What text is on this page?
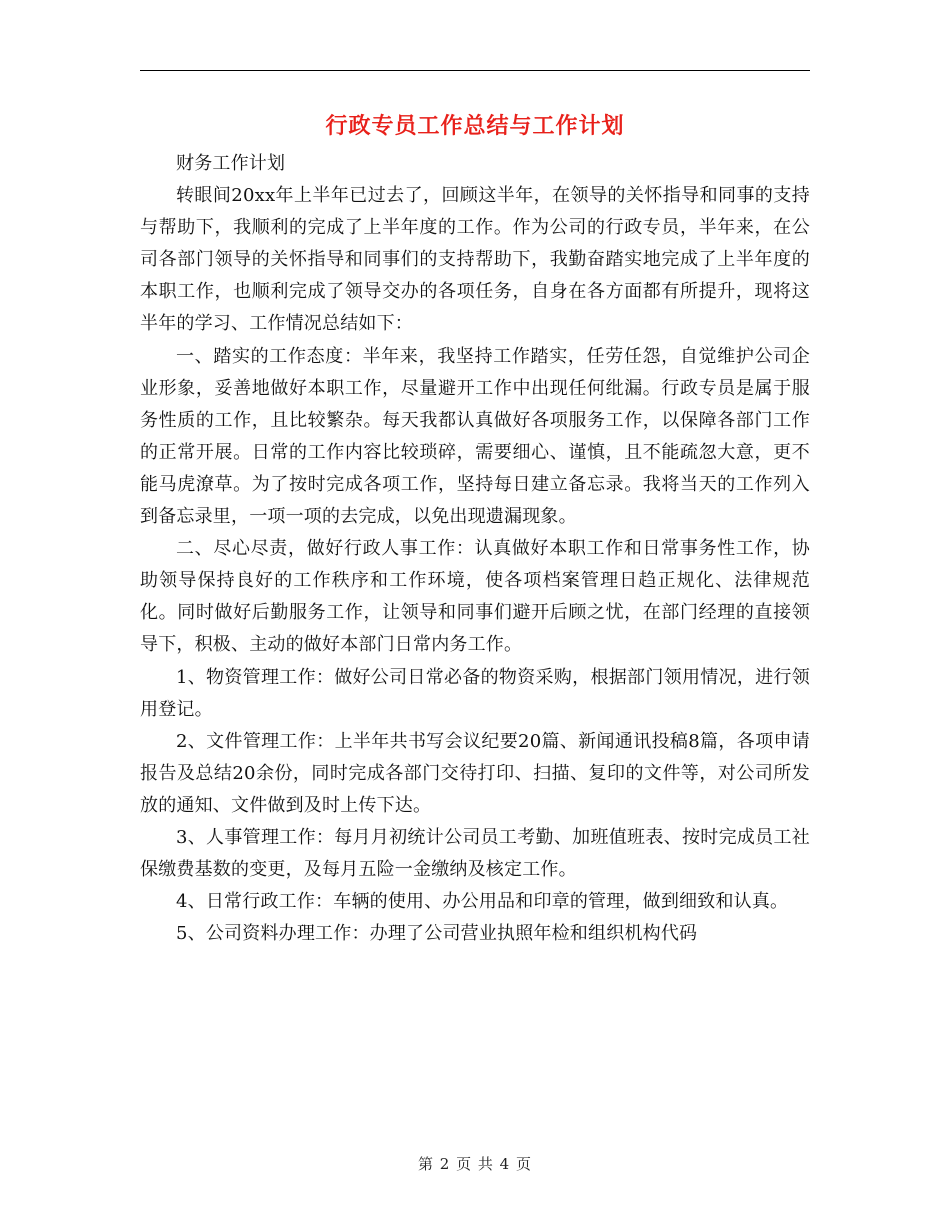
行政专员工作总结与工作计划

财务工作计划

转眼间20xx年上半年已过去了，回顾这半年，在领导的关怀指导和同事的支持与帮助下，我顺利的完成了上半年度的工作。作为公司的行政专员，半年来，在公司各部门领导的关怀指导和同事们的支持帮助下，我勤奋踏实地完成了上半年度的本职工作，也顺利完成了领导交办的各项任务，自身在各方面都有所提升，现将这半年的学习、工作情况总结如下：

一、踏实的工作态度：半年来，我坚持工作踏实，任劳任怨，自觉维护公司企业形象，妥善地做好本职工作，尽量避开工作中出现任何纰漏。行政专员是属于服务性质的工作，且比较繁杂。每天我都认真做好各项服务工作，以保障各部门工作的正常开展。日常的工作内容比较琐碎，需要细心、谨慎，且不能疏忽大意，更不能马虎潦草。为了按时完成各项工作，坚持每日建立备忘录。我将当天的工作列入到备忘录里，一项一项的去完成，以免出现遗漏现象。

二、尽心尽责，做好行政人事工作：认真做好本职工作和日常事务性工作，协助领导保持良好的工作秩序和工作环境，使各项档案管理日趋正规化、法律规范化。同时做好后勤服务工作，让领导和同事们避开后顾之忧，在部门经理的直接领导下，积极、主动的做好本部门日常内务工作。

1、物资管理工作：做好公司日常必备的物资采购，根据部门领用情况，进行领用登记。

2、文件管理工作：上半年共书写会议纪要20篇、新闻通讯投稿8篇，各项申请报告及总结20余份，同时完成各部门交待打印、扫描、复印的文件等，对公司所发放的通知、文件做到及时上传下达。

3、人事管理工作：每月月初统计公司员工考勤、加班值班表、按时完成员工社保缴费基数的变更，及每月五险一金缴纳及核定工作。

4、日常行政工作：车辆的使用、办公用品和印章的管理，做到细致和认真。

5、公司资料办理工作：办理了公司营业执照年检和组织机构代码

第 2 页 共 4 页
